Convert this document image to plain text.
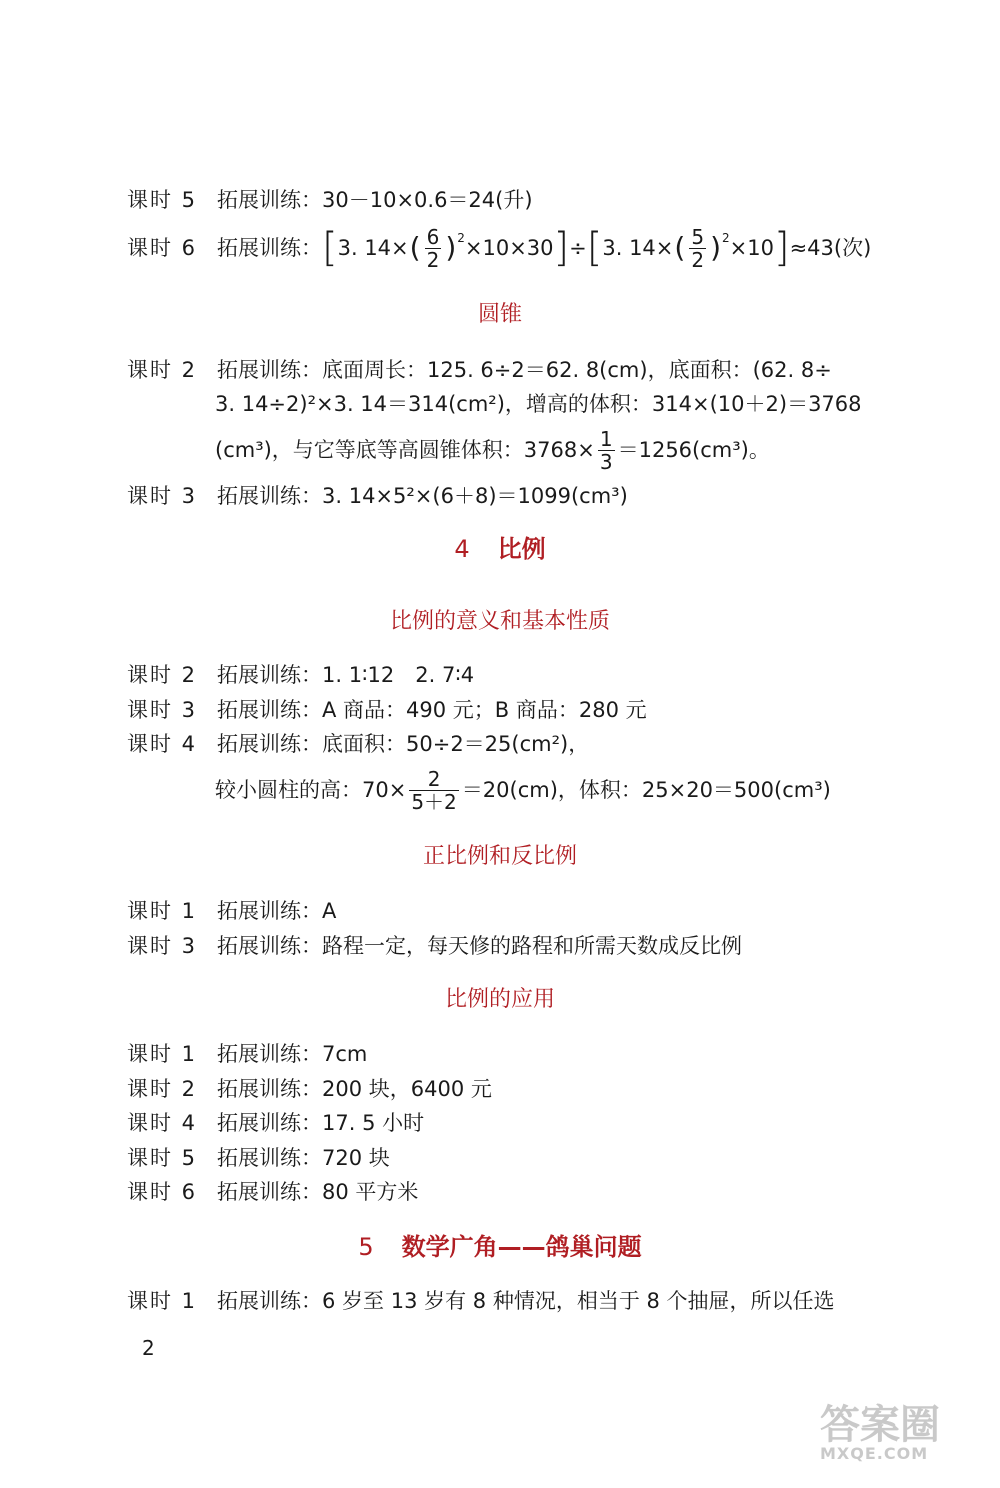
课时 5 拓展训练：30－10×0.6＝24(升)
课时 6 拓展训练： [ 3. 14× ( $\frac{6}{2} )^2 \times 10\times 30$ ] ÷ [ 3. 14× ( $\frac{5}{2} )^2 \times 10$ ] ≈43(次)
圆锥
课时 2 拓展训练：底面周长：125. 6÷2＝62. 8(cm)，底面积：(62. 8÷
3. 14÷2)²×3. 14＝314(cm²)，增高的体积：314×(10＋2)＝3768
(cm³)，与它等底等高圆锥体积：$3768\times \frac{1}{3} =1256(cm^3)$。
课时 3 拓展训练：3. 14×5²×(6＋8)＝1099(cm³)
4 比例
比例的意义和基本性质
课时 2 拓展训练：1. 1∶12　2. 7∶4
课时 3 拓展训练：A 商品：490 元；B 商品：280 元
课时 4 拓展训练：底面积：50÷2＝25(cm²)，
较小圆柱的高：$70\times \frac{2}{5+2} =20(cm)$，体积：25×20＝500(cm³)
正比例和反比例
课时 1 拓展训练：A
课时 3 拓展训练：路程一定，每天修的路程和所需天数成反比例
比例的应用
课时 1 拓展训练：7cm
课时 2 拓展训练：200 块，6400 元
课时 4 拓展训练：17. 5 小时
课时 5 拓展训练：720 块
课时 6 拓展训练：80 平方米
5 数学广角——鸽巢问题
课时 1 拓展训练：6 岁至 13 岁有 8 种情况，相当于 8 个抽屉，所以任选
2
答案圈
MXQE.COM
